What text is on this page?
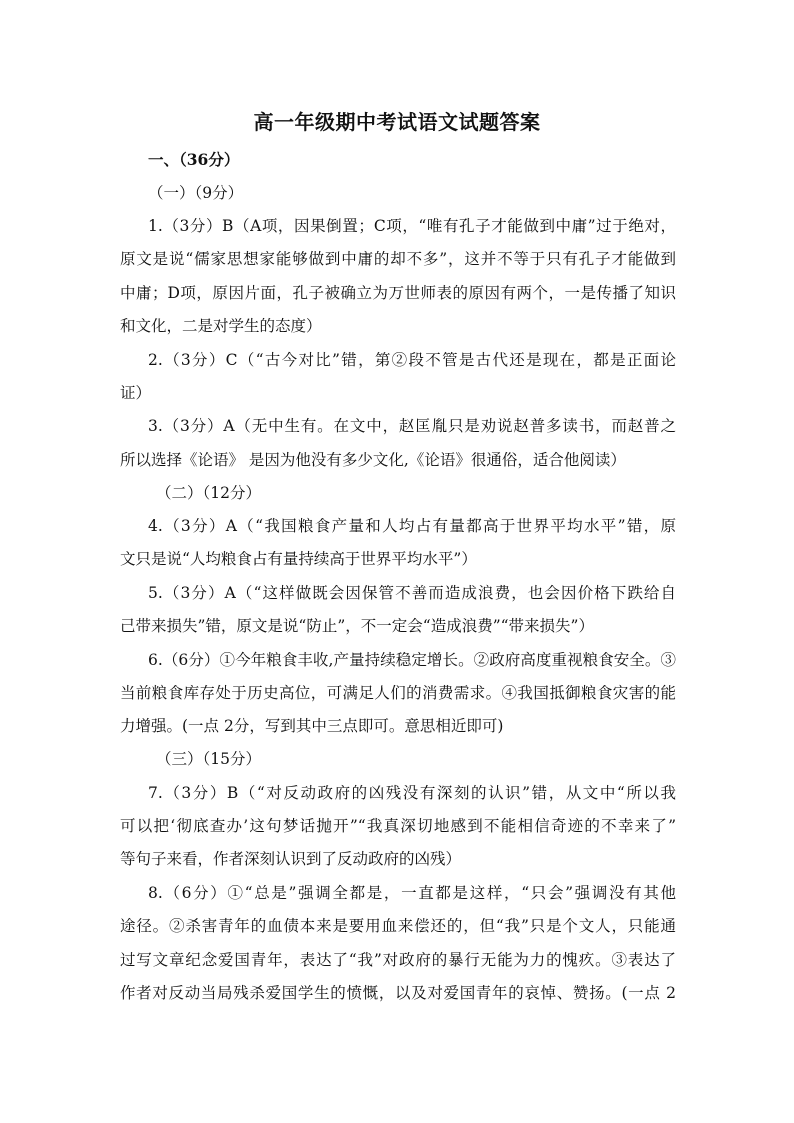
高一年级期中考试语文试题答案
一、（36分）
（一）（9分）
1.（3分）B（A项，因果倒置；C项，“唯有孔子才能做到中庸”过于绝对，
原文是说“儒家思想家能够做到中庸的却不多”，这并不等于只有孔子才能做到
中庸；D项，原因片面，孔子被确立为万世师表的原因有两个，一是传播了知识
和文化，二是对学生的态度）
2.（3分）C（“古今对比”错，第②段不管是古代还是现在，都是正面论
证）
3.（3分）A（无中生有。在文中，赵匡胤只是劝说赵普多读书，而赵普之
所以选择《论语》 是因为他没有多少文化,《论语》很通俗，适合他阅读）
（二）（12分）
4.（3分）A（“我国粮食产量和人均占有量都高于世界平均水平”错，原
文只是说“人均粮食占有量持续高于世界平均水平”）
5.（3分）A（“这样做既会因保管不善而造成浪费，也会因价格下跌给自
己带来损失”错，原文是说“防止”，不一定会“造成浪费”“带来损失”）
6.（6分）①今年粮食丰收,产量持续稳定增长。②政府高度重视粮食安全。③
当前粮食库存处于历史高位，可满足人们的消费需求。④我国抵御粮食灾害的能
力增强。(一点 2分，写到其中三点即可。意思相近即可)
（三）（15分）
7.（3分）B（“对反动政府的凶残没有深刻的认识”错，从文中“所以我
可以把‘彻底查办’这句梦话抛开”“我真深切地感到不能相信奇迹的不幸来了”
等句子来看，作者深刻认识到了反动政府的凶残）
8.（6分）①“总是”强调全都是，一直都是这样，“只会”强调没有其他
途径。②杀害青年的血债本来是要用血来偿还的，但“我”只是个文人，只能通
过写文章纪念爱国青年，表达了“我”对政府的暴行无能为力的愧疚。③表达了
作者对反动当局残杀爱国学生的愤慨，以及对爱国青年的哀悼、赞扬。(一点 2
